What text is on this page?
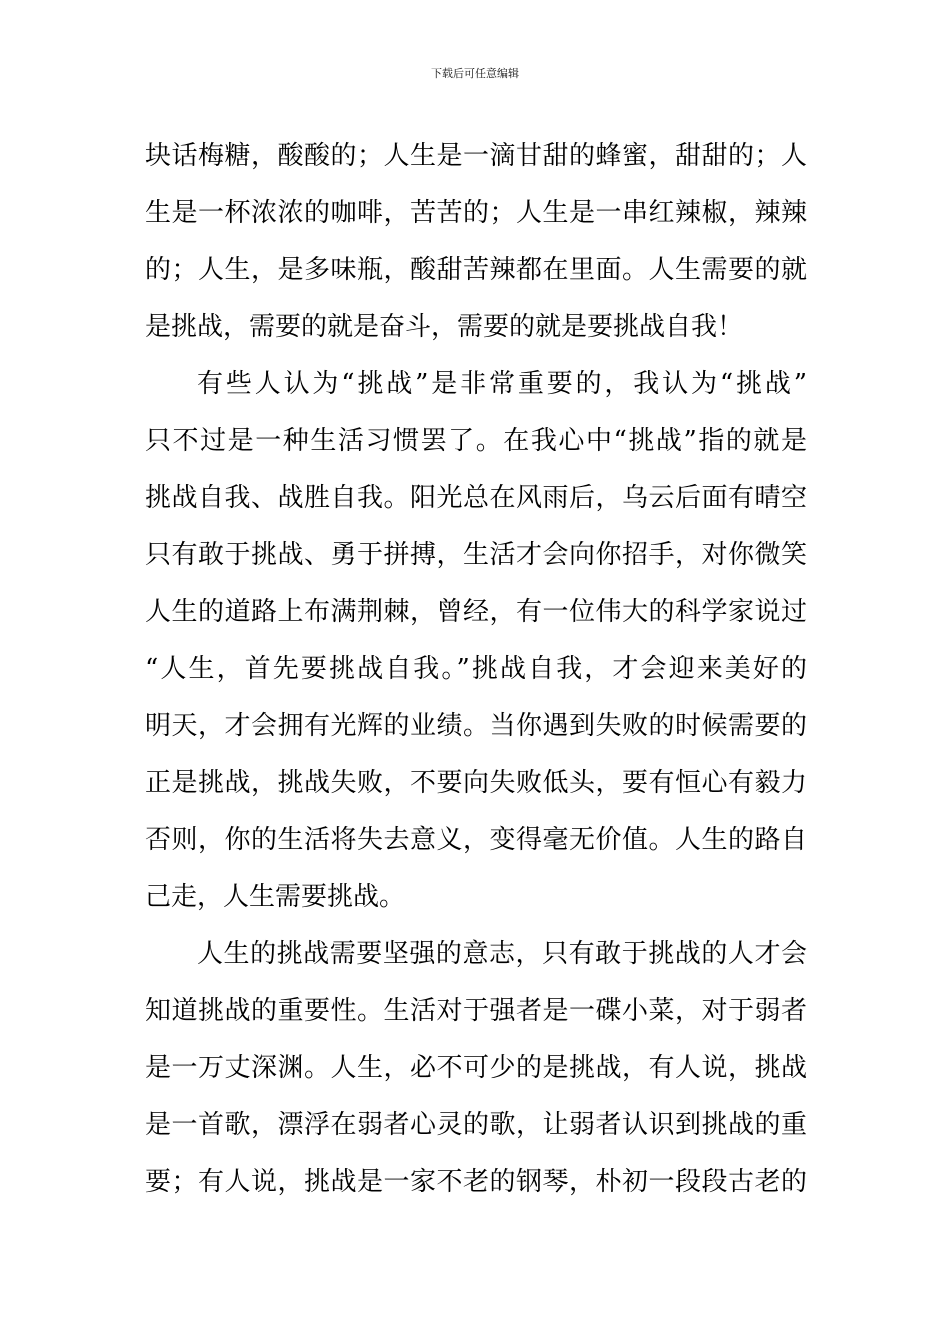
下载后可任意编辑
块话梅糖，酸酸的；人生是一滴甘甜的蜂蜜，甜甜的；人
生是一杯浓浓的咖啡，苦苦的；人生是一串红辣椒，辣辣
的；人生，是多味瓶，酸甜苦辣都在里面。人生需要的就
是挑战，需要的就是奋斗，需要的就是要挑战自我！
有些人认为“挑战”是非常重要的，我认为“挑战”
只不过是一种生活习惯罢了。在我心中“挑战”指的就是
挑战自我、战胜自我。阳光总在风雨后，乌云后面有晴空
只有敢于挑战、勇于拼搏，生活才会向你招手，对你微笑
人生的道路上布满荆棘，曾经，有一位伟大的科学家说过
“人生，首先要挑战自我。”挑战自我，才会迎来美好的
明天，才会拥有光辉的业绩。当你遇到失败的时候需要的
正是挑战，挑战失败，不要向失败低头，要有恒心有毅力
否则，你的生活将失去意义，变得毫无价值。人生的路自
己走，人生需要挑战。
人生的挑战需要坚强的意志，只有敢于挑战的人才会
知道挑战的重要性。生活对于强者是一碟小菜，对于弱者
是一万丈深渊。人生，必不可少的是挑战，有人说，挑战
是一首歌，漂浮在弱者心灵的歌，让弱者认识到挑战的重
要；有人说，挑战是一家不老的钢琴，朴初一段段古老的
